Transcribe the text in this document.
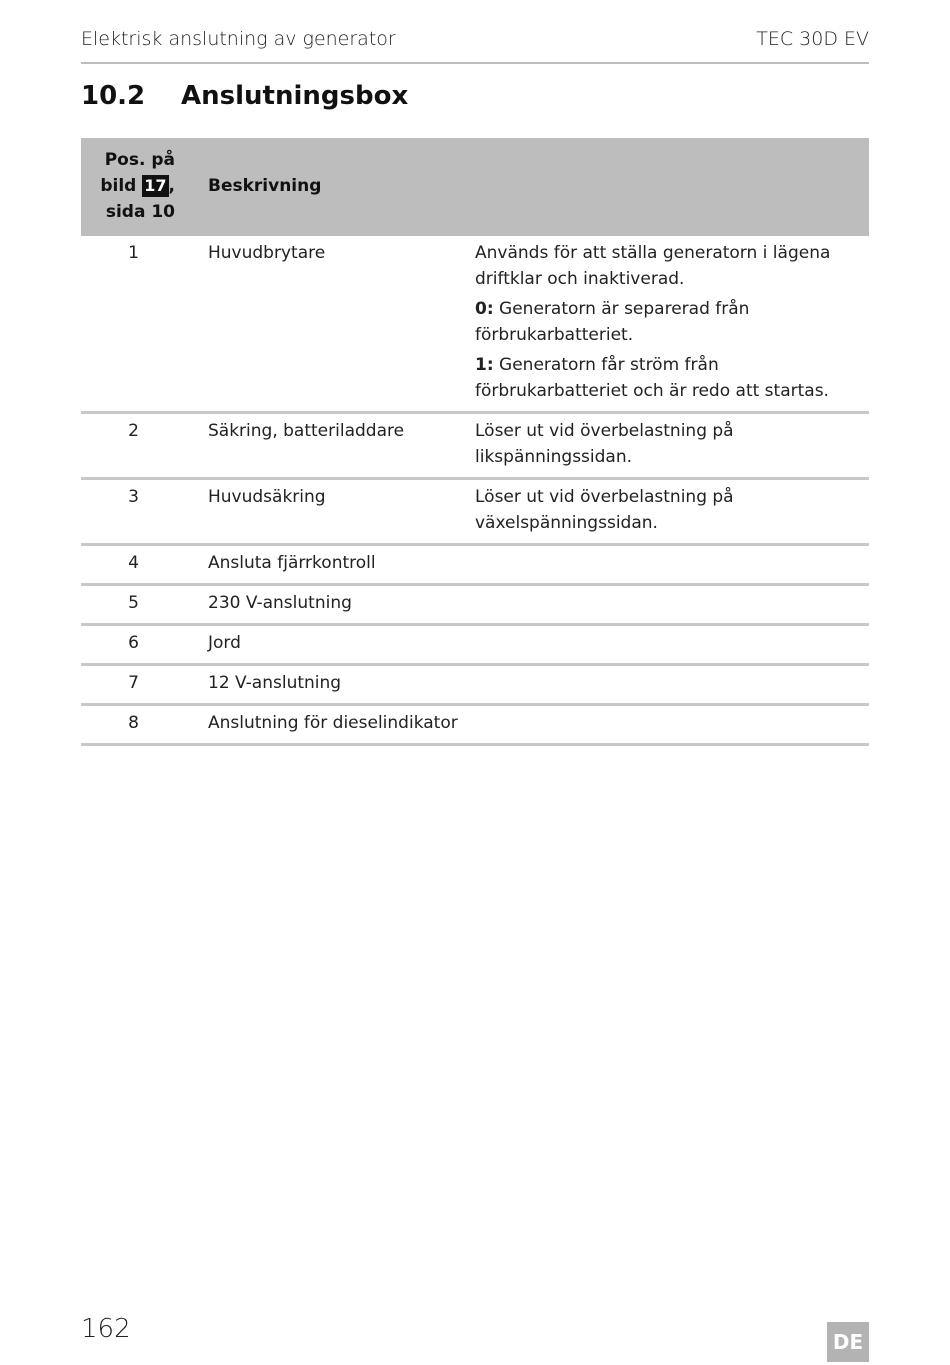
Elektrisk anslutning av generator	TEC 30D EV
10.2	Anslutningsbox
Pos. på
bild 17 ,
sida 10	Beskrivning	
1	Huvudbrytare	Används för att ställa generatorn i lägena driftklar och inaktiverad.

0: Generatorn är separerad från förbrukarbatteriet.

1: Generatorn får ström från förbrukarbatteriet och är redo att startas.

2	Säkring, batteriladdare	Löser ut vid överbelastning på likspänningssidan.
3	Huvudsäkring	Löser ut vid överbelastning på växelspänningssidan.
4	Ansluta fjärrkontroll	
5	230 V-anslutning	
6	Jord	
7	12 V-anslutning	
8	Anslutning för dieselindikator	
162	DE
